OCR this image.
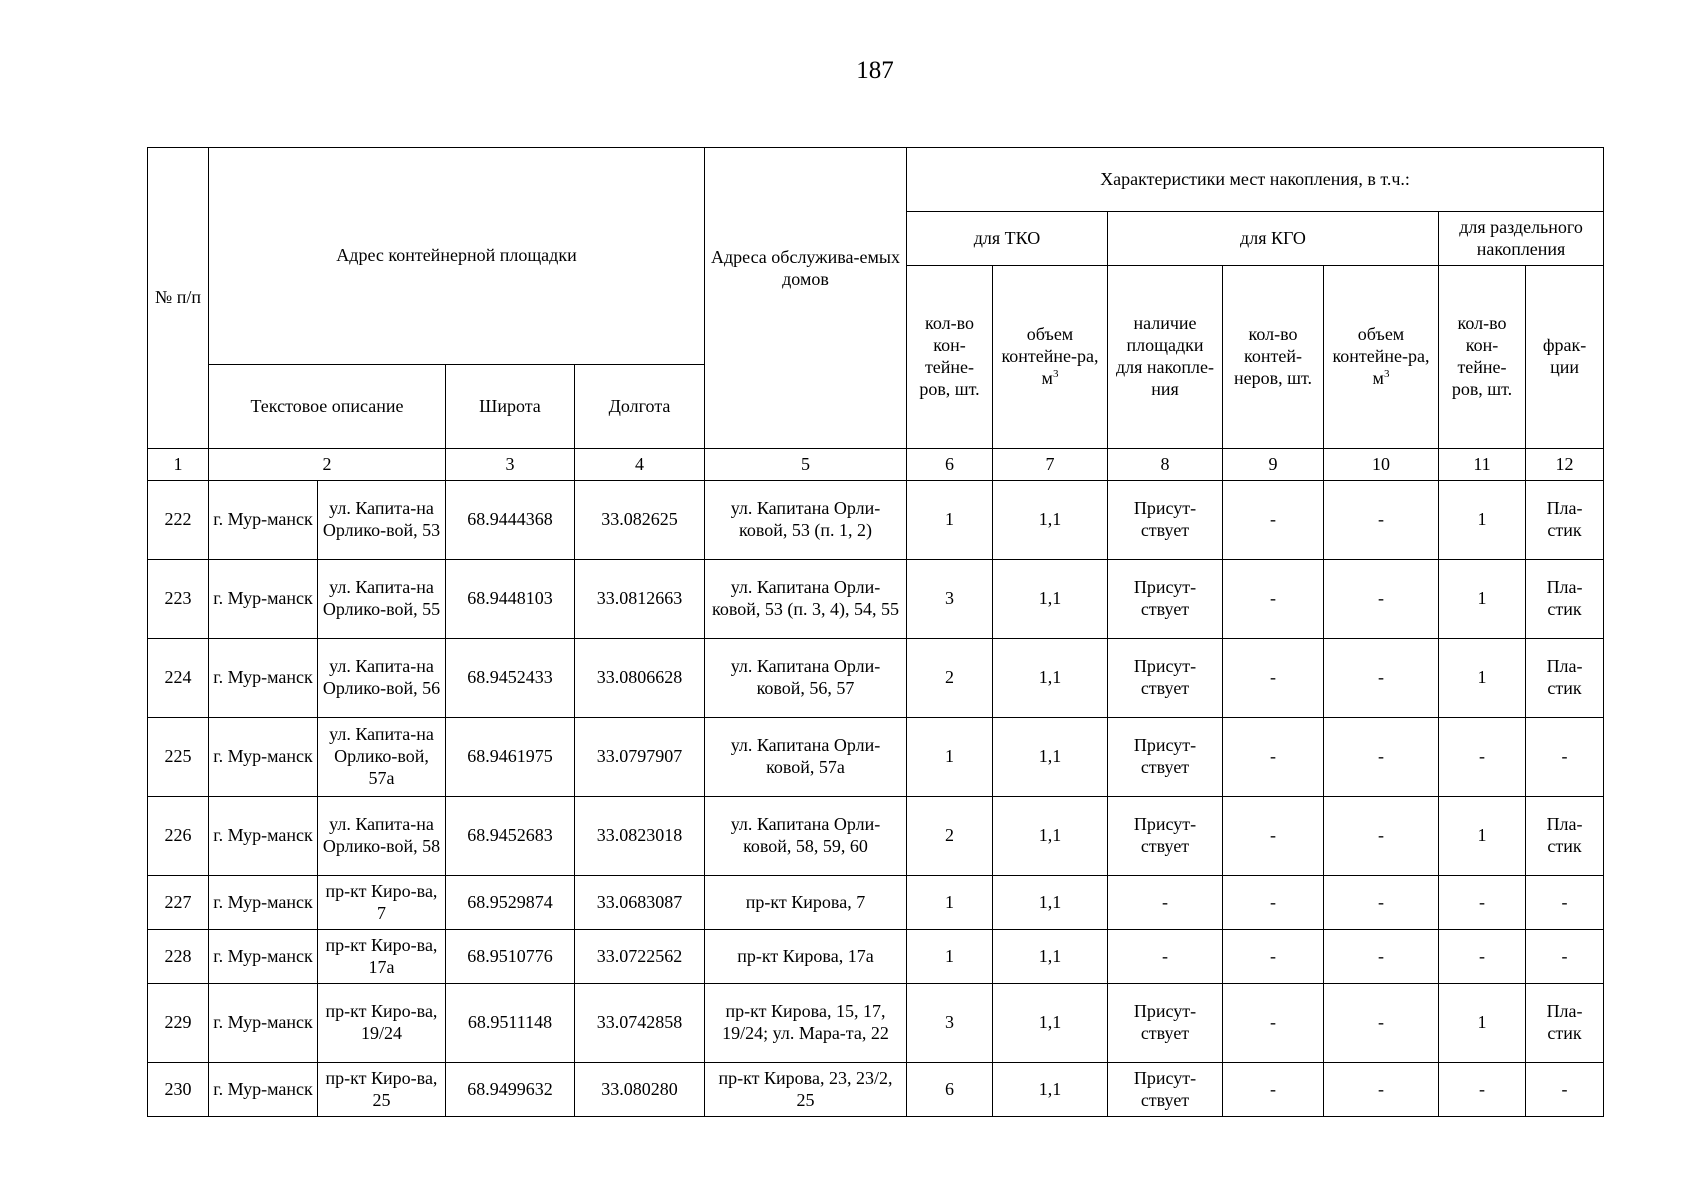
187
№ п/п	Адрес контейнерной площадки				Адреса обслужива-емых домов	Характеристики мест накопления, в т.ч.:						
						для ТКО		для КГО			для раздельного накопления	
						кол-во кон-тейне-ров, шт.	объем контейне-ра, $м^3$	наличие площадки для накопле-ния	кол-во контей-неров, шт.	объем контейне-ра, $м^3$	кол-во кон-тейне-ров, шт.	фрак-ции
	Текстовое описание		Широта	Долгота								
1	2		3	4	5	6	7	8	9	10	11	12
222	г. Мур-манск	ул. Капита-на Орлико-вой, 53	68.9444368	33.082625	ул. Капитана Орли-ковой, 53 (п. 1, 2)	1	1,1	Присут-ствует	-	-	1	Пла-стик
223	г. Мур-манск	ул. Капита-на Орлико-вой, 55	68.9448103	33.0812663	ул. Капитана Орли-ковой, 53 (п. 3, 4), 54, 55	3	1,1	Присут-ствует	-	-	1	Пла-стик
224	г. Мур-манск	ул. Капита-на Орлико-вой, 56	68.9452433	33.0806628	ул. Капитана Орли-ковой, 56, 57	2	1,1	Присут-ствует	-	-	1	Пла-стик
225	г. Мур-манск	ул. Капита-на Орлико-вой, 57а	68.9461975	33.0797907	ул. Капитана Орли-ковой, 57а	1	1,1	Присут-ствует	-	-	-	-
226	г. Мур-манск	ул. Капита-на Орлико-вой, 58	68.9452683	33.0823018	ул. Капитана Орли-ковой, 58, 59, 60	2	1,1	Присут-ствует	-	-	1	Пла-стик
227	г. Мур-манск	пр-кт Киро-ва, 7	68.9529874	33.0683087	пр-кт Кирова, 7	1	1,1	-	-	-	-	-
228	г. Мур-манск	пр-кт Киро-ва, 17а	68.9510776	33.0722562	пр-кт Кирова, 17а	1	1,1	-	-	-	-	-
229	г. Мур-манск	пр-кт Киро-ва, 19/24	68.9511148	33.0742858	пр-кт Кирова, 15, 17, 19/24; ул. Мара-та, 22	3	1,1	Присут-ствует	-	-	1	Пла-стик
230	г. Мур-манск	пр-кт Киро-ва, 25	68.9499632	33.080280	пр-кт Кирова, 23, 23/2, 25	6	1,1	Присут-ствует	-	-	-	-
